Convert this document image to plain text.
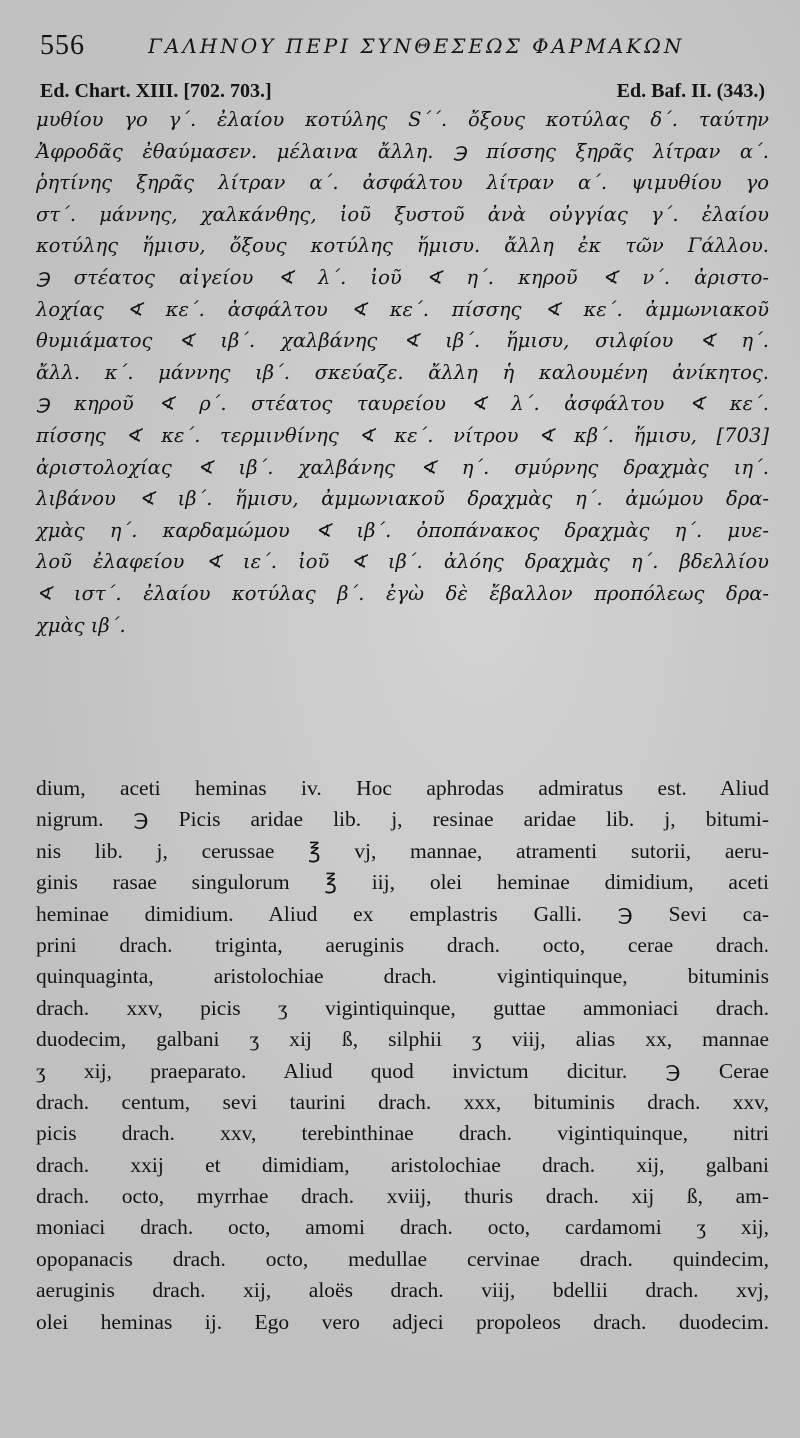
556	ΓΑΛΗΝΟΥ ΠΕΡΙ ΣΥΝΘΕΣΕΩΣ ΦΑΡΜΑΚΩΝ
Ed. Chart. XIII. [702. 703.]	Ed. Baf. II. (343.)
μυθίου γο γ΄. ἐλαίου κοτύλης S΄΄. ὄξους κοτύλας δ΄. ταύτην
Ἀφροδᾶς ἐθαύμασεν. μέλαινα ἄλλη. ℈ πίσσης ξηρᾶς λίτραν α΄.
ῥητίνης ξηρᾶς λίτραν α΄. ἀσφάλτου λίτραν α΄. ψιμυθίου γο
στ΄. μάννης, χαλκάνθης, ἰοῦ ξυστοῦ ἀνὰ οὐγγίας γ΄. ἐλαίου
κοτύλης ἥμισυ, ὄξους κοτύλης ἥμισυ. ἄλλη ἐκ τῶν Γάλλου.
℈ στέατος αἰγείου ∢ λ΄. ἰοῦ ∢ η΄. κηροῦ ∢ ν΄. ἀριστο-
λοχίας ∢ κε΄. ἀσφάλτου ∢ κε΄. πίσσης ∢ κε΄. ἀμμωνιακοῦ
θυμιάματος ∢ ιβ΄. χαλβάνης ∢ ιβ΄. ἥμισυ, σιλφίου ∢ η΄.
ἄλλ. κ΄. μάννης ιβ΄. σκεύαζε. ἄλλη ἡ καλουμένη ἀνίκητος.
℈ κηροῦ ∢ ρ΄. στέατος ταυρείου ∢ λ΄. ἀσφάλτου ∢ κε΄.
πίσσης ∢ κε΄. τερμινθίνης ∢ κε΄. νίτρου ∢ κβ΄. ἥμισυ, [703]
ἀριστολοχίας ∢ ιβ΄. χαλβάνης ∢ η΄. σμύρνης δραχμὰς ιη΄.
λιβάνου ∢ ιβ΄. ἥμισυ, ἀμμωνιακοῦ δραχμὰς η΄. ἀμώμου δρα-
χμὰς η΄. καρδαμώμου ∢ ιβ΄. ὀποπάνακος δραχμὰς η΄. μυε-
λοῦ ἐλαφείου ∢ ιε΄. ἰοῦ ∢ ιβ΄. ἀλόης δραχμὰς η΄. βδελλίου
∢ ιστ΄. ἐλαίου κοτύλας β΄. ἐγὼ δὲ ἔβαλλον προπόλεως δρα-
χμὰς ιβ΄.
dium, aceti heminas iv. Hoc aphrodas admiratus est. Aliud
nigrum. ℈ Picis aridae lib. j, resinae aridae lib. j, bitumi-
nis lib. j, cerussae ℥ vj, mannae, atramenti sutorii, aeru-
ginis rasae singulorum ℥ iij, olei heminae dimidium, aceti
heminae dimidium. Aliud ex emplastris Galli. ℈ Sevi ca-
prini drach. triginta, aeruginis drach. octo, cerae drach.
quinquaginta, aristolochiae drach. vigintiquinque, bituminis
drach. xxv, picis ʒ vigintiquinque, guttae ammoniaci drach.
duodecim, galbani ʒ xij ß, silphii ʒ viij, alias xx, mannae
ʒ xij, praeparato. Aliud quod invictum dicitur. ℈ Cerae
drach. centum, sevi taurini drach. xxx, bituminis drach. xxv,
picis drach. xxv, terebinthinae drach. vigintiquinque, nitri
drach. xxij et dimidiam, aristolochiae drach. xij, galbani
drach. octo, myrrhae drach. xviij, thuris drach. xij ß, am-
moniaci drach. octo, amomi drach. octo, cardamomi ʒ xij,
opopanacis drach. octo, medullae cervinae drach. quindecim,
aeruginis drach. xij, aloës drach. viij, bdellii drach. xvj,
olei heminas ij. Ego vero adjeci propoleos drach. duodecim.
